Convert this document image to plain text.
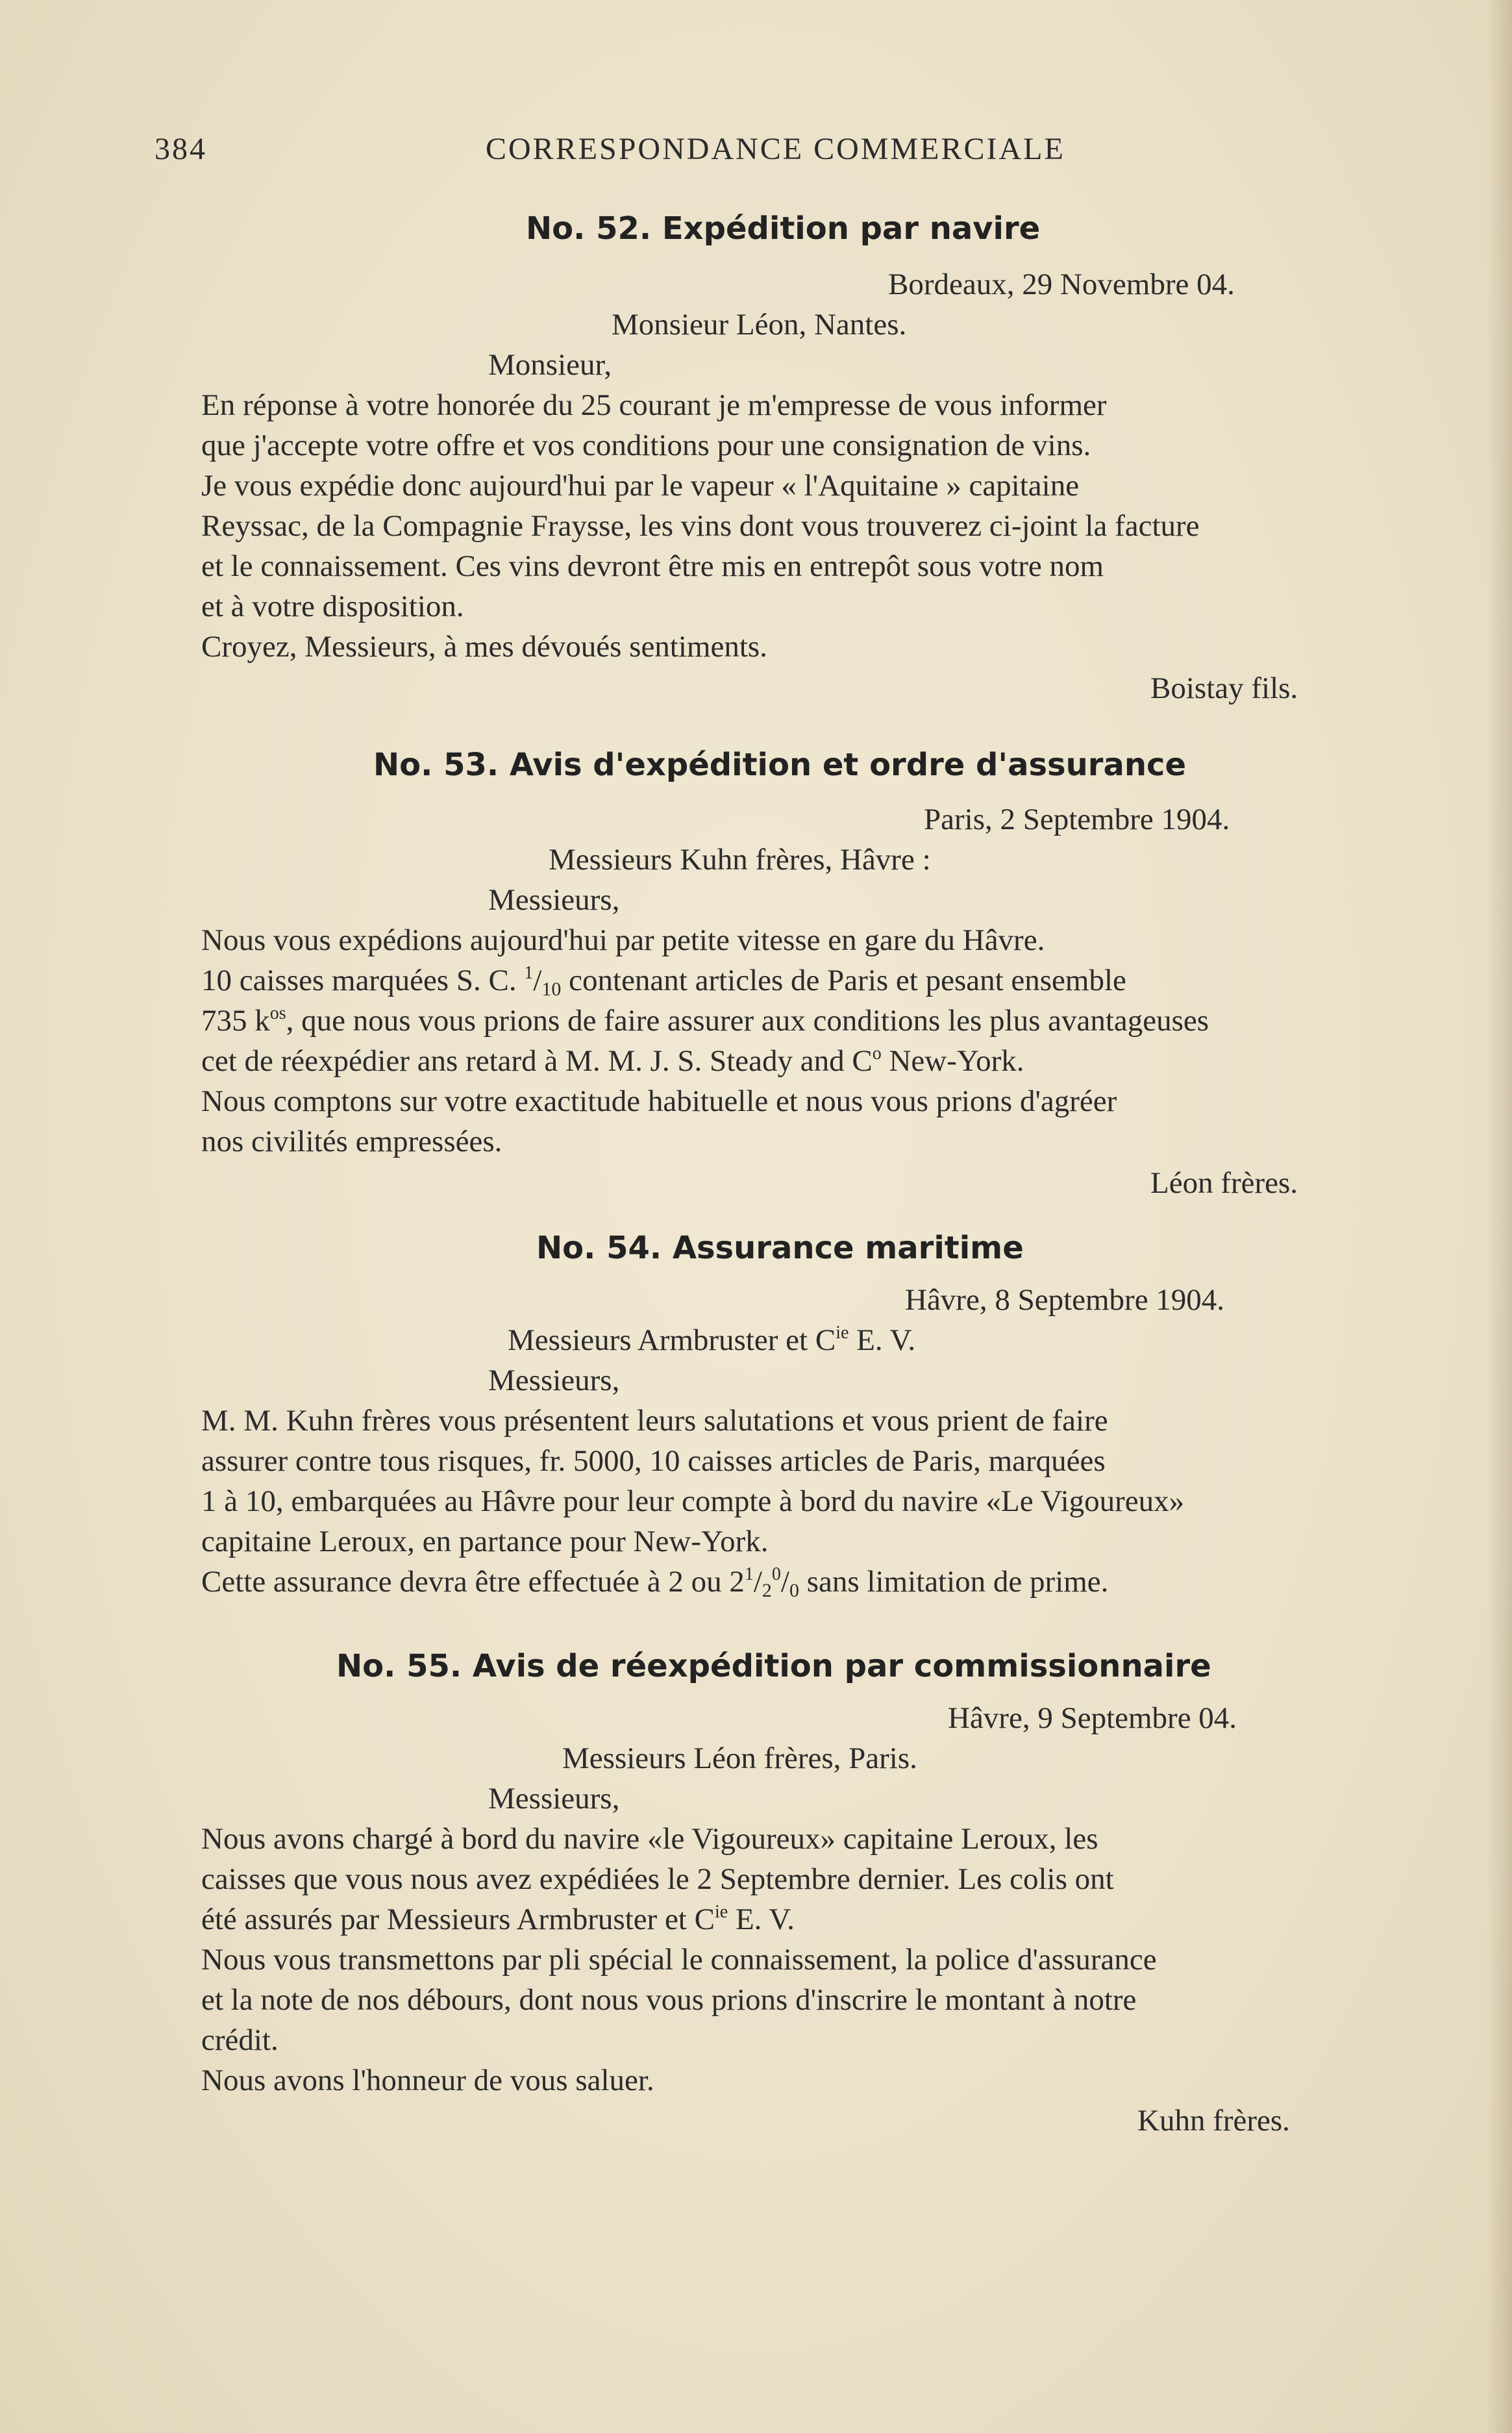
384	CORRESPONDANCE COMMERCIALE
No. 52. Expédition par navire
Bordeaux, 29 Novembre 04.
Monsieur Léon, Nantes.
Monsieur,
En réponse à votre honorée du 25 courant je m'empresse de vous informer
que j'accepte votre offre et vos conditions pour une consignation de vins.
Je vous expédie donc aujourd'hui par le vapeur « l'Aquitaine » capitaine
Reyssac, de la Compagnie Fraysse, les vins dont vous trouverez ci-joint la facture
et le connaissement. Ces vins devront être mis en entrepôt sous votre nom
et à votre disposition.
Croyez, Messieurs, à mes dévoués sentiments.
Boistay fils.
No. 53. Avis d'expédition et ordre d'assurance
Paris, 2 Septembre 1904.
Messieurs Kuhn frères, Hâvre :
Messieurs,
Nous vous expédions aujourd'hui par petite vitesse en gare du Hâvre.
10 caisses marquées S. C. $^1/_{10}$ contenant articles de Paris et pesant ensemble
735 $k^{os}$, que nous vous prions de faire assurer aux conditions les plus avantageuses
cet de réexpédier ans retard à M. M. J. S. Steady and $C^o$ New-York.
Nous comptons sur votre exactitude habituelle et nous vous prions d'agréer
nos civilités empressées.
Léon frères.
No. 54. Assurance maritime
Hâvre, 8 Septembre 1904.
Messieurs Armbruster et $C^{ie}$ E. V.
Messieurs,
M. M. Kuhn frères vous présentent leurs salutations et vous prient de faire
assurer contre tous risques, fr. 5000, 10 caisses articles de Paris, marquées
1 à 10, embarquées au Hâvre pour leur compte à bord du navire «Le Vigoureux»
capitaine Leroux, en partance pour New-York.
Cette assurance devra être effectuée à 2 ou $2^1/_2^0/_0$ sans limitation de prime.
No. 55. Avis de réexpédition par commissionnaire
Hâvre, 9 Septembre 04.
Messieurs Léon frères, Paris.
Messieurs,
Nous avons chargé à bord du navire «le Vigoureux» capitaine Leroux, les
caisses que vous nous avez expédiées le 2 Septembre dernier. Les colis ont
été assurés par Messieurs Armbruster et $C^{ie}$ E. V.
Nous vous transmettons par pli spécial le connaissement, la police d'assurance
et la note de nos débours, dont nous vous prions d'inscrire le montant à notre
crédit.
Nous avons l'honneur de vous saluer.
Kuhn frères.
